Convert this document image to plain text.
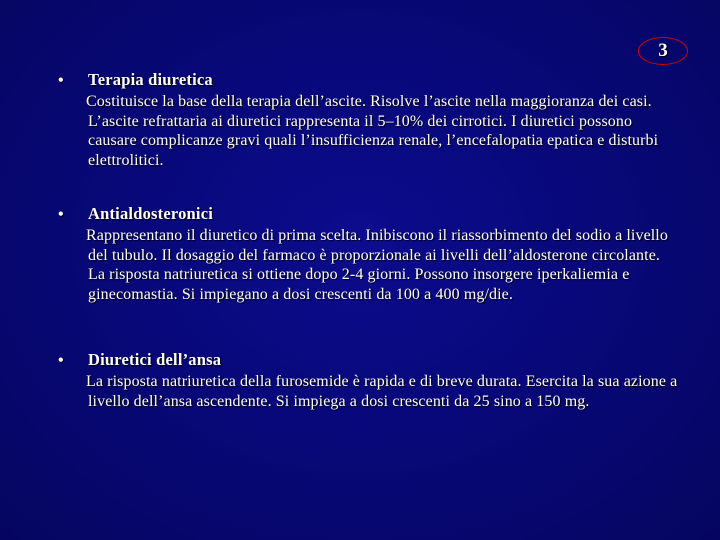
3
•	Terapia diuretica
Costituisce la base della terapia dell’ascite. Risolve l’ascite nella maggioranza dei casi. L’ascite refrattaria ai diuretici rappresenta il 5–10% dei cirrotici. I diuretici possono causare complicanze gravi quali l’insufficienza renale, l’encefalopatia epatica e disturbi elettrolitici.
•	Antialdosteronici
Rappresentano il diuretico di prima scelta. Inibiscono il riassorbimento del sodio a livello del tubulo. Il dosaggio del farmaco è proporzionale ai livelli dell’aldosterone circolante. La risposta natriuretica si ottiene dopo 2-4 giorni. Possono insorgere iperkaliemia e ginecomastia. Si impiegano a dosi crescenti da 100 a 400 mg/die.
•	Diuretici dell’ansa
La risposta natriuretica della furosemide è rapida e di breve durata. Esercita la sua azione a livello dell’ansa ascendente. Si impiega a dosi crescenti da 25 sino a 150 mg.
